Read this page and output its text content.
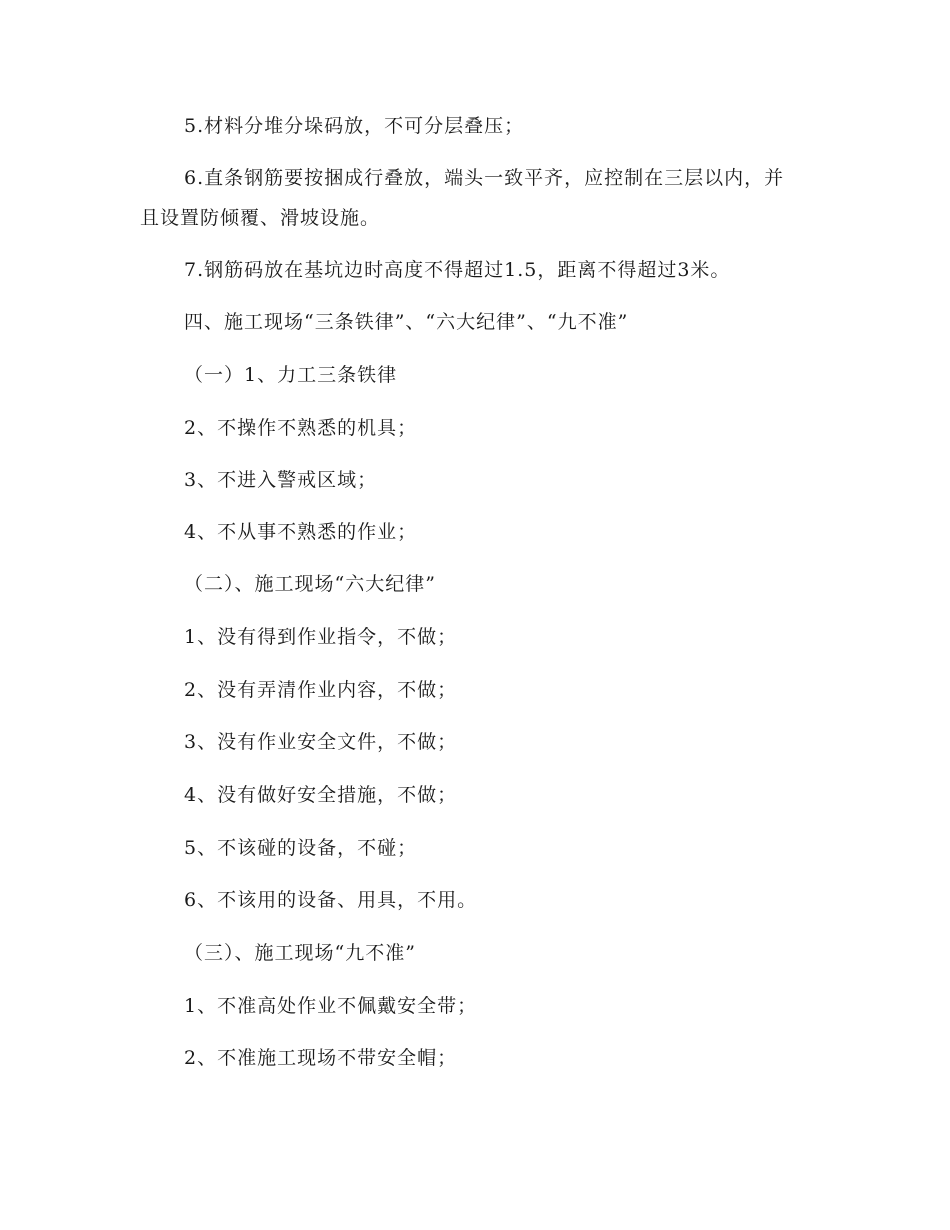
5.材料分堆分垛码放，不可分层叠压；

6.直条钢筋要按捆成行叠放，端头一致平齐，应控制在三层以内，并且设置防倾覆、滑坡设施。

7.钢筋码放在基坑边时高度不得超过1.5，距离不得超过3米。

四、施工现场“三条铁律”、“六大纪律”、“九不准”

（一）1、力工三条铁律

2、不操作不熟悉的机具；

3、不进入警戒区域；

4、不从事不熟悉的作业；

（二）、施工现场“六大纪律”

1、没有得到作业指令，不做；

2、没有弄清作业内容，不做；

3、没有作业安全文件，不做；

4、没有做好安全措施，不做；

5、不该碰的设备，不碰；

6、不该用的设备、用具，不用。

（三）、施工现场“九不准”

1、不准高处作业不佩戴安全带；

2、不准施工现场不带安全帽；
